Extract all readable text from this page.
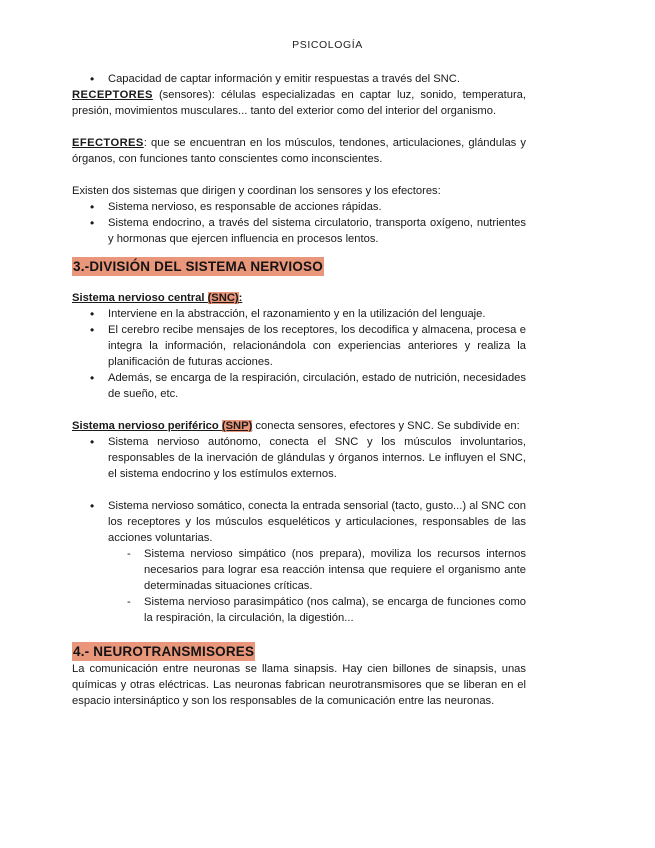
PSICOLOGÍA
• Capacidad de captar información y emitir respuestas a través del SNC.

RECEPTORES (sensores): células especializadas en captar luz, sonido, temperatura, presión, movimientos musculares... tanto del exterior como del interior del organismo.

EFECTORES: que se encuentran en los músculos, tendones, articulaciones, glándulas y órganos, con funciones tanto conscientes como inconscientes.

Existen dos sistemas que dirigen y coordinan los sensores y los efectores:

• Sistema nervioso, es responsable de acciones rápidas.
• Sistema endocrino, a través del sistema circulatorio, transporta oxígeno, nutrientes y hormonas que ejercen influencia en procesos lentos.
3.-DIVISIÓN DEL SISTEMA NERVIOSO

Sistema nervioso central (SNC):

• Interviene en la abstracción, el razonamiento y en la utilización del lenguaje.
• El cerebro recibe mensajes de los receptores, los decodifica y almacena, procesa e integra la información, relacionándola con experiencias anteriores y realiza la planificación de futuras acciones.
• Además, se encarga de la respiración, circulación, estado de nutrición, necesidades de sueño, etc.

Sistema nervioso periférico (SNP) conecta sensores, efectores y SNC. Se subdivide en:

• Sistema nervioso autónomo, conecta el SNC y los músculos involuntarios, responsables de la inervación de glándulas y órganos internos. Le influyen el SNC, el sistema endocrino y los estímulos externos.
• Sistema nervioso somático, conecta la entrada sensorial (tacto, gusto...) al SNC con los receptores y los músculos esqueléticos y articulaciones, responsables de las acciones voluntarias.
- Sistema nervioso simpático (nos prepara), moviliza los recursos internos necesarios para lograr esa reacción intensa que requiere el organismo ante determinadas situaciones críticas.
- Sistema nervioso parasimpático (nos calma), se encarga de funciones como la respiración, la circulación, la digestión...
4.- NEUROTRANSMISORES

La comunicación entre neuronas se llama sinapsis. Hay cien billones de sinapsis, unas químicas y otras eléctricas. Las neuronas fabrican neurotransmisores que se liberan en el espacio intersináptico y son los responsables de la comunicación entre las neuronas.
